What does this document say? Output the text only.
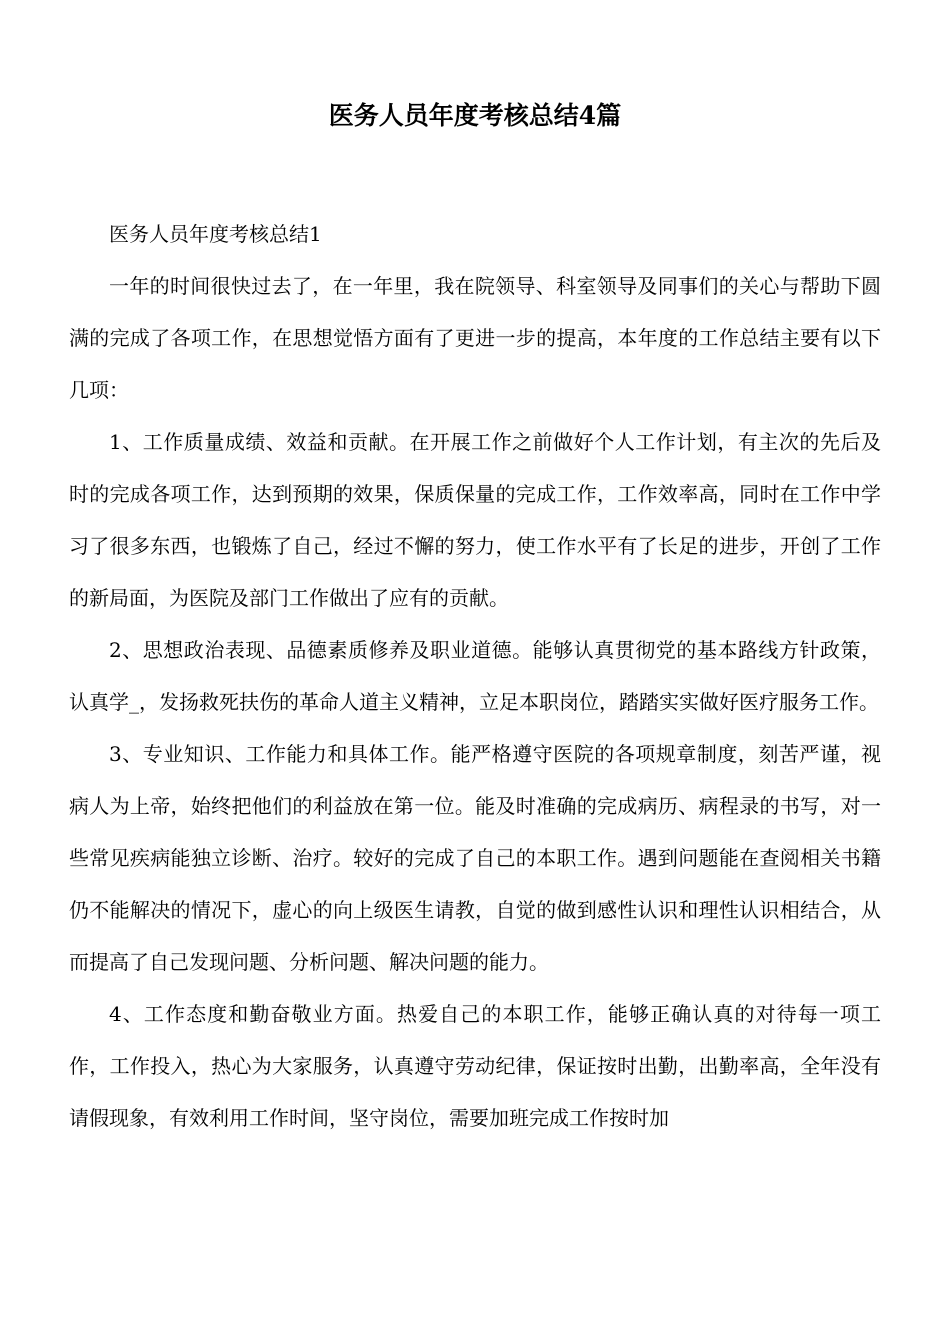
医务人员年度考核总结4篇

医务人员年度考核总结1

一年的时间很快过去了，在一年里，我在院领导、科室领导及同事们的关心与帮助下圆满的完成了各项工作，在思想觉悟方面有了更进一步的提高，本年度的工作总结主要有以下几项：

1、工作质量成绩、效益和贡献。在开展工作之前做好个人工作计划，有主次的先后及时的完成各项工作，达到预期的效果，保质保量的完成工作，工作效率高，同时在工作中学习了很多东西，也锻炼了自己，经过不懈的努力，使工作水平有了长足的进步，开创了工作的新局面，为医院及部门工作做出了应有的贡献。

2、思想政治表现、品德素质修养及职业道德。能够认真贯彻党的基本路线方针政策，认真学_，发扬救死扶伤的革命人道主义精神，立足本职岗位，踏踏实实做好医疗服务工作。

3、专业知识、工作能力和具体工作。能严格遵守医院的各项规章制度，刻苦严谨，视病人为上帝，始终把他们的利益放在第一位。能及时准确的完成病历、病程录的书写，对一些常见疾病能独立诊断、治疗。较好的完成了自己的本职工作。遇到问题能在查阅相关书籍仍不能解决的情况下，虚心的向上级医生请教，自觉的做到感性认识和理性认识相结合，从而提高了自己发现问题、分析问题、解决问题的能力。

4、工作态度和勤奋敬业方面。热爱自己的本职工作，能够正确认真的对待每一项工作，工作投入，热心为大家服务，认真遵守劳动纪律，保证按时出勤，出勤率高，全年没有请假现象，有效利用工作时间，坚守岗位，需要加班完成工作按时加
